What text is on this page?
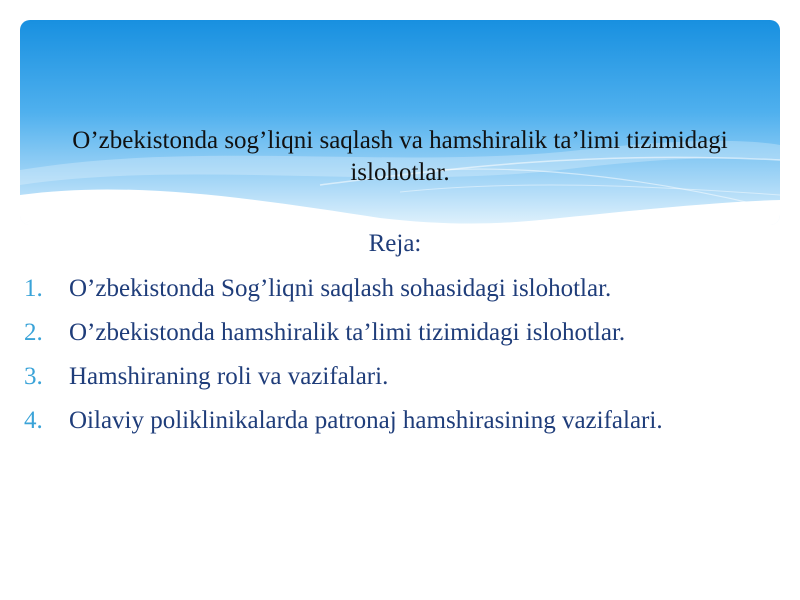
O’zbekistonda sog’liqni saqlash va hamshiralik ta’limi tizimidagi islohotlar.
Reja:
1. O’zbekistonda Sog’liqni saqlash sohasidagi islohotlar.
2. O’zbekistonda hamshiralik ta’limi tizimidagi islohotlar.
3. Hamshiraning roli va vazifalari.
4. Oilaviy poliklinikalarda patronaj hamshirasining vazifalari.
